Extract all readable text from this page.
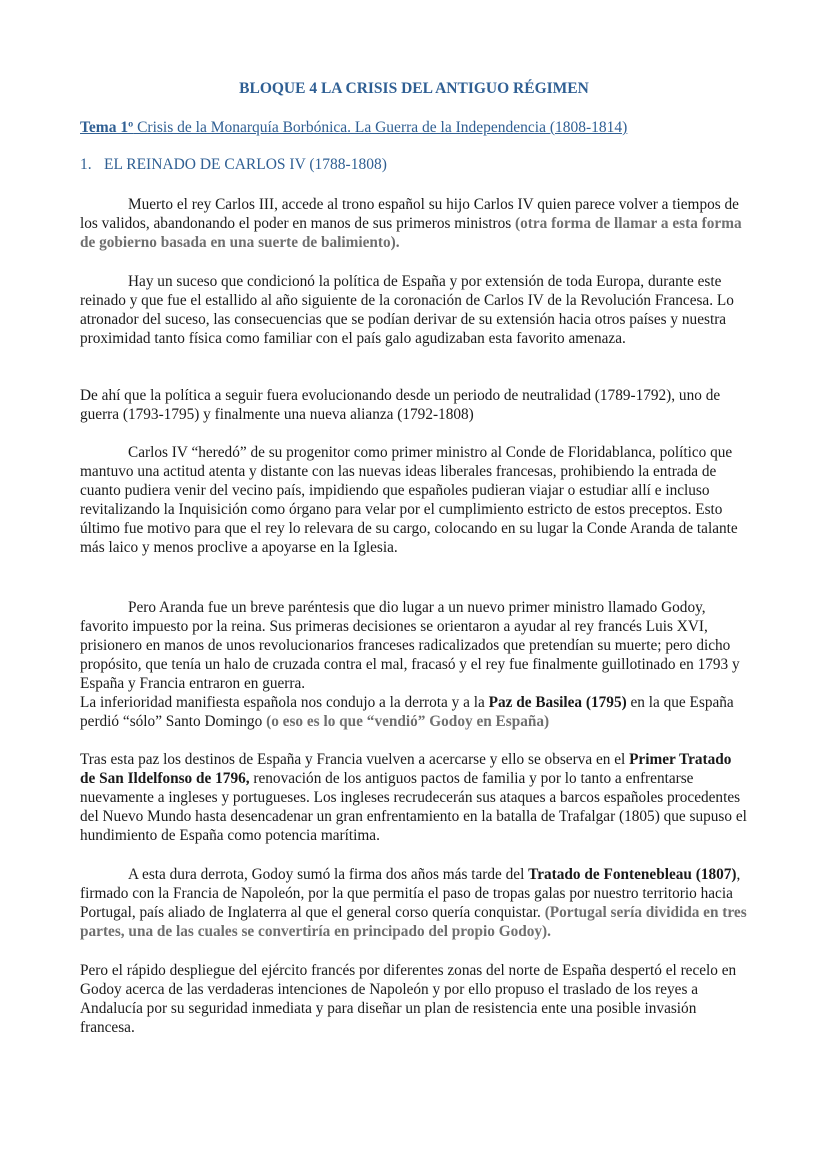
BLOQUE 4 LA CRISIS DEL ANTIGUO RÉGIMEN
Tema 1º Crisis de la Monarquía Borbónica. La Guerra de la Independencia (1808-1814)
1. EL REINADO DE CARLOS IV (1788-1808)

Muerto el rey Carlos III, accede al trono español su hijo Carlos IV quien parece volver a tiempos de los validos, abandonando el poder en manos de sus primeros ministros (otra forma de llamar a esta forma de gobierno basada en una suerte de balimiento).

Hay un suceso que condicionó la política de España y por extensión de toda Europa, durante este reinado y que fue el estallido al año siguiente de la coronación de Carlos IV de la Revolución Francesa. Lo atronador del suceso, las consecuencias que se podían derivar de su extensión hacia otros países y nuestra proximidad tanto física como familiar con el país galo agudizaban esta favorito amenaza.

De ahí que la política a seguir fuera evolucionando desde un periodo de neutralidad (1789-1792), uno de guerra (1793-1795) y finalmente una nueva alianza (1792-1808)

Carlos IV “heredó” de su progenitor como primer ministro al Conde de Floridablanca, político que mantuvo una actitud atenta y distante con las nuevas ideas liberales francesas, prohibiendo la entrada de cuanto pudiera venir del vecino país, impidiendo que españoles pudieran viajar o estudiar allí e incluso revitalizando la Inquisición como órgano para velar por el cumplimiento estricto de estos preceptos. Esto último fue motivo para que el rey lo relevara de su cargo, colocando en su lugar la Conde Aranda de talante más laico y menos proclive a apoyarse en la Iglesia.

Pero Aranda fue un breve paréntesis que dio lugar a un nuevo primer ministro llamado Godoy, favorito impuesto por la reina. Sus primeras decisiones se orientaron a ayudar al rey francés Luis XVI, prisionero en manos de unos revolucionarios franceses radicalizados que pretendían su muerte; pero dicho propósito, que tenía un halo de cruzada contra el mal, fracasó y el rey fue finalmente guillotinado en 1793 y España y Francia entraron en guerra.

La inferioridad manifiesta española nos condujo a la derrota y a la Paz de Basilea (1795) en la que España perdió “sólo” Santo Domingo (o eso es lo que “vendió” Godoy en España)

Tras esta paz los destinos de España y Francia vuelven a acercarse y ello se observa en el Primer Tratado de San Ildelfonso de 1796, renovación de los antiguos pactos de familia y por lo tanto a enfrentarse nuevamente a ingleses y portugueses. Los ingleses recrudecerán sus ataques a barcos españoles procedentes del Nuevo Mundo hasta desencadenar un gran enfrentamiento en la batalla de Trafalgar (1805) que supuso el hundimiento de España como potencia marítima.

A esta dura derrota, Godoy sumó la firma dos años más tarde del Tratado de Fontenebleau (1807), firmado con la Francia de Napoleón, por la que permitía el paso de tropas galas por nuestro territorio hacia Portugal, país aliado de Inglaterra al que el general corso quería conquistar. (Portugal sería dividida en tres partes, una de las cuales se convertiría en principado del propio Godoy).

Pero el rápido despliegue del ejército francés por diferentes zonas del norte de España despertó el recelo en Godoy acerca de las verdaderas intenciones de Napoleón y por ello propuso el traslado de los reyes a Andalucía por su seguridad inmediata y para diseñar un plan de resistencia ente una posible invasión francesa.
